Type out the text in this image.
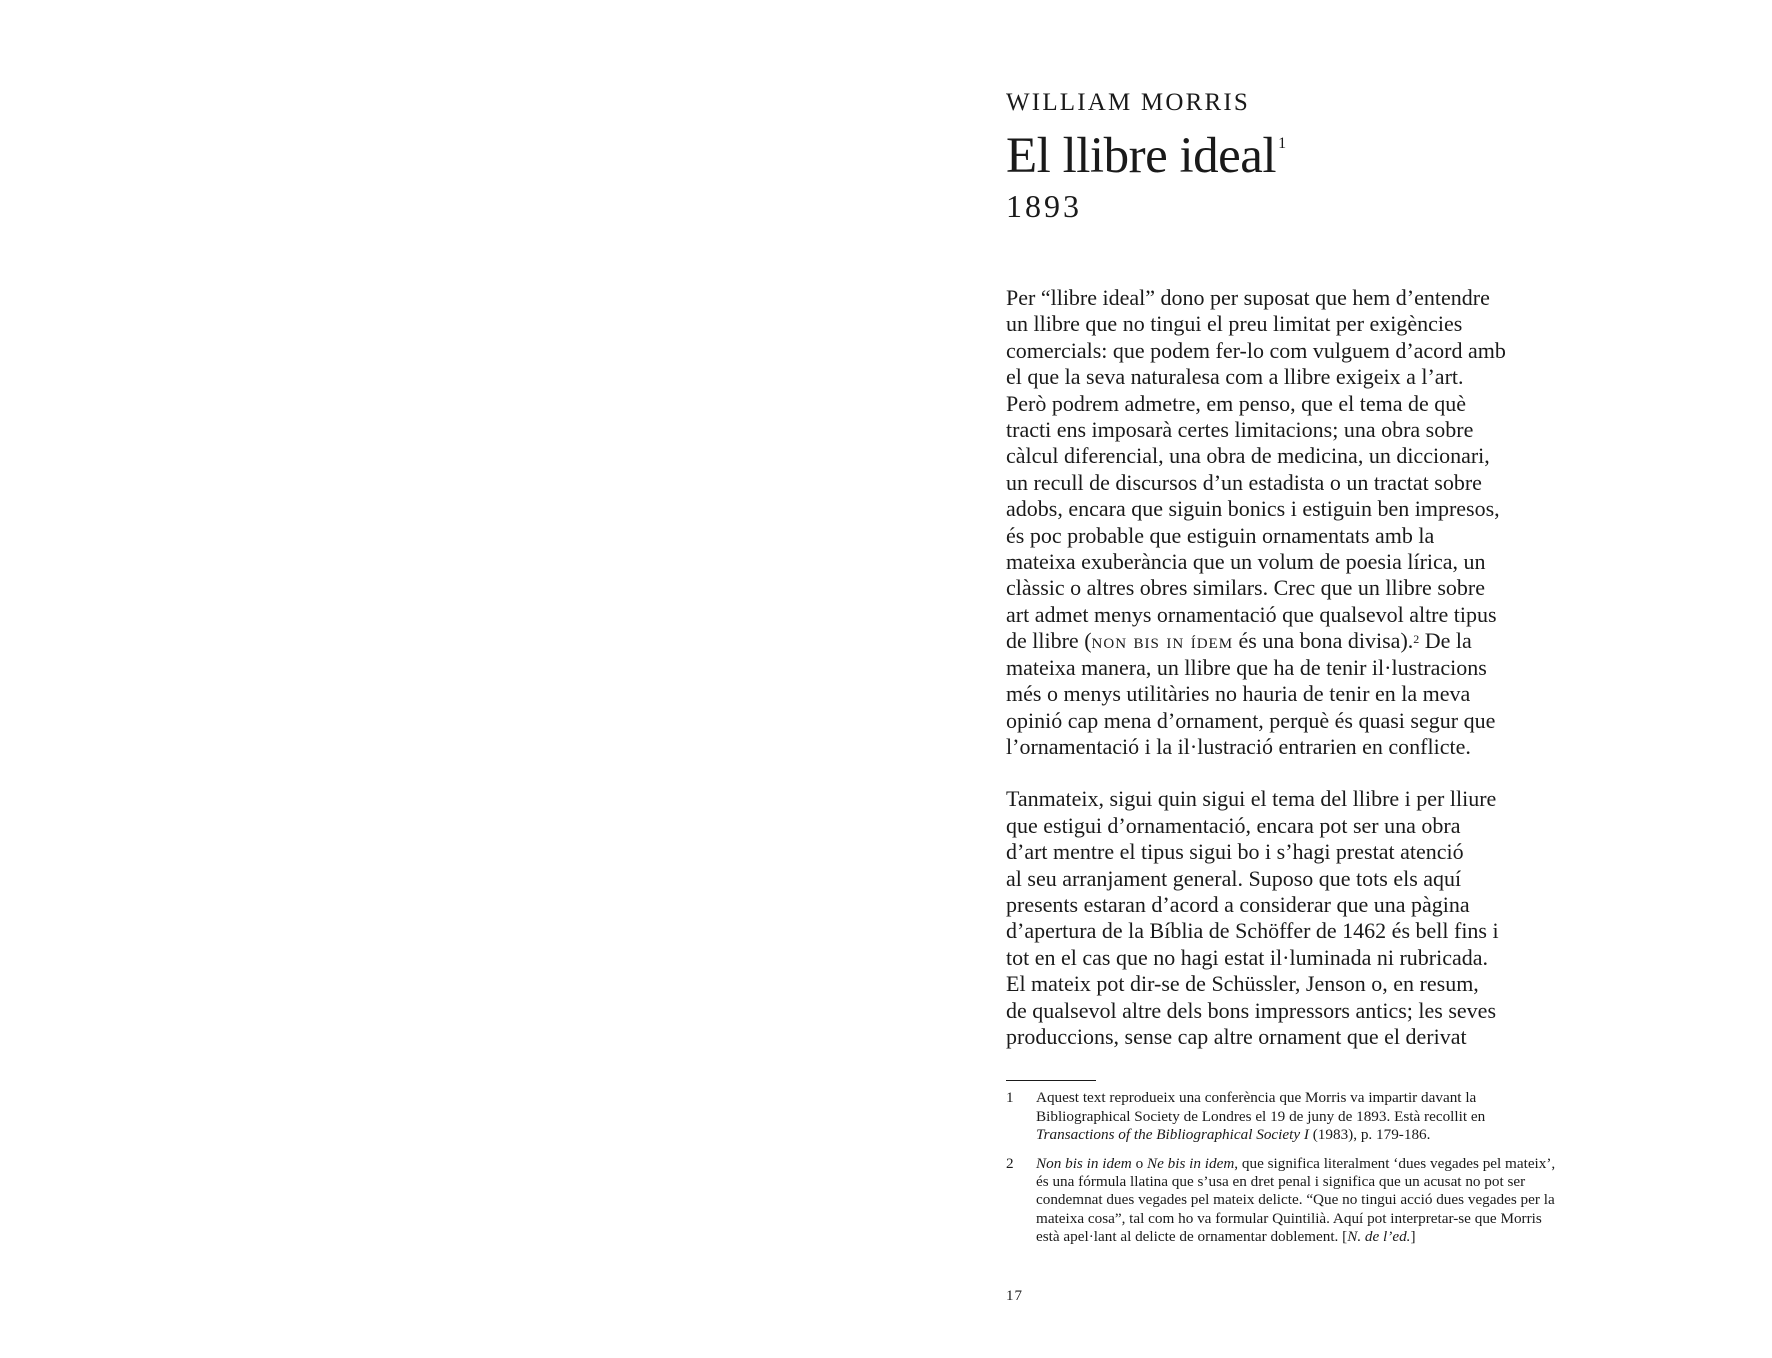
WILLIAM MORRIS
El llibre ideal $^1$
1893

Per “llibre ideal” dono per suposat que hem d’entendre
un llibre que no tingui el preu limitat per exigències
comercials: que podem fer-lo com vulguem d’acord amb
el que la seva naturalesa com a llibre exigeix a l’art.
Però podrem admetre, em penso, que el tema de què
tracti ens imposarà certes limitacions; una obra sobre
càlcul diferencial, una obra de medicina, un diccionari,
un recull de discursos d’un estadista o un tractat sobre
adobs, encara que siguin bonics i estiguin ben impresos,
és poc probable que estiguin ornamentats amb la
mateixa exuberància que un volum de poesia lírica, un
clàssic o altres obres similars. Crec que un llibre sobre
art admet menys ornamentació que qualsevol altre tipus
de llibre (non bis in ídem és una bona divisa).$^2$ De la
mateixa manera, un llibre que ha de tenir il·lustracions
més o menys utilitàries no hauria de tenir en la meva
opinió cap mena d’ornament, perquè és quasi segur que
l’ornamentació i la il·lustració entrarien en conflicte.

Tanmateix, sigui quin sigui el tema del llibre i per lliure
que estigui d’ornamentació, encara pot ser una obra
d’art mentre el tipus sigui bo i s’hagi prestat atenció
al seu arranjament general. Suposo que tots els aquí
presents estaran d’acord a considerar que una pàgina
d’apertura de la Bíblia de Schöffer de 1462 és bell fins i
tot en el cas que no hagi estat il·luminada ni rubricada.
El mateix pot dir-se de Schüssler, Jenson o, en resum,
de qualsevol altre dels bons impressors antics; les seves
produccions, sense cap altre ornament que el derivat

1 Aquest text reprodueix una conferència que Morris va impartir davant la Bibliographical Society de Londres el 19 de juny de 1893. Està recollit en Transactions of the Bibliographical Society I (1983), p. 179-186.
2 Non bis in idem o Ne bis in idem, que significa literalment ‘dues vegades pel mateix’, és una fórmula llatina que s’usa en dret penal i significa que un acusat no pot ser condemnat dues vegades pel mateix delicte. “Que no tingui acció dues vegades per la mateixa cosa”, tal com ho va formular Quintilià. Aquí pot interpretar-se que Morris està apel·lant al delicte de ornamentar doblement. [N. de l’ed.]
17
